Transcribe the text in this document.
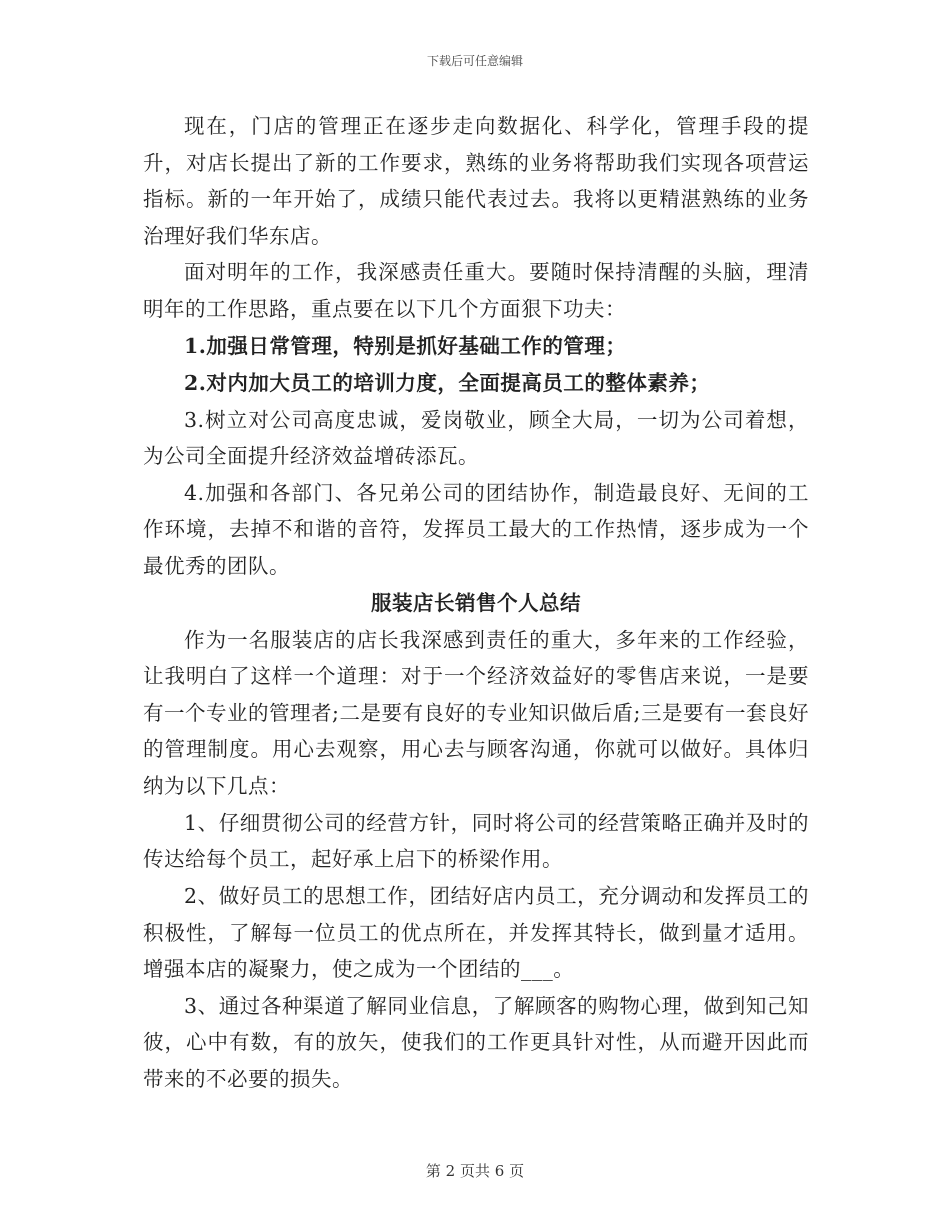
下载后可任意编辑

现在，门店的管理正在逐步走向数据化、科学化，管理手段的提升，对店长提出了新的工作要求，熟练的业务将帮助我们实现各项营运指标。新的一年开始了，成绩只能代表过去。我将以更精湛熟练的业务治理好我们华东店。

面对明年的工作，我深感责任重大。要随时保持清醒的头脑，理清明年的工作思路，重点要在以下几个方面狠下功夫：

1.加强日常管理，特别是抓好基础工作的管理；

2.对内加大员工的培训力度，全面提高员工的整体素养；

3.树立对公司高度忠诚，爱岗敬业，顾全大局，一切为公司着想，为公司全面提升经济效益增砖添瓦。

4.加强和各部门、各兄弟公司的团结协作，制造最良好、无间的工作环境，去掉不和谐的音符，发挥员工最大的工作热情，逐步成为一个最优秀的团队。

服装店长销售个人总结

作为一名服装店的店长我深感到责任的重大，多年来的工作经验，让我明白了这样一个道理：对于一个经济效益好的零售店来说，一是要有一个专业的管理者;二是要有良好的专业知识做后盾;三是要有一套良好的管理制度。用心去观察，用心去与顾客沟通，你就可以做好。具体归纳为以下几点：

1、仔细贯彻公司的经营方针，同时将公司的经营策略正确并及时的传达给每个员工，起好承上启下的桥梁作用。

2、做好员工的思想工作，团结好店内员工，充分调动和发挥员工的积极性，了解每一位员工的优点所在，并发挥其特长，做到量才适用。增强本店的凝聚力，使之成为一个团结的___。

3、通过各种渠道了解同业信息，了解顾客的购物心理，做到知己知彼，心中有数，有的放矢，使我们的工作更具针对性，从而避开因此而带来的不必要的损失。

第 2 页共 6 页
